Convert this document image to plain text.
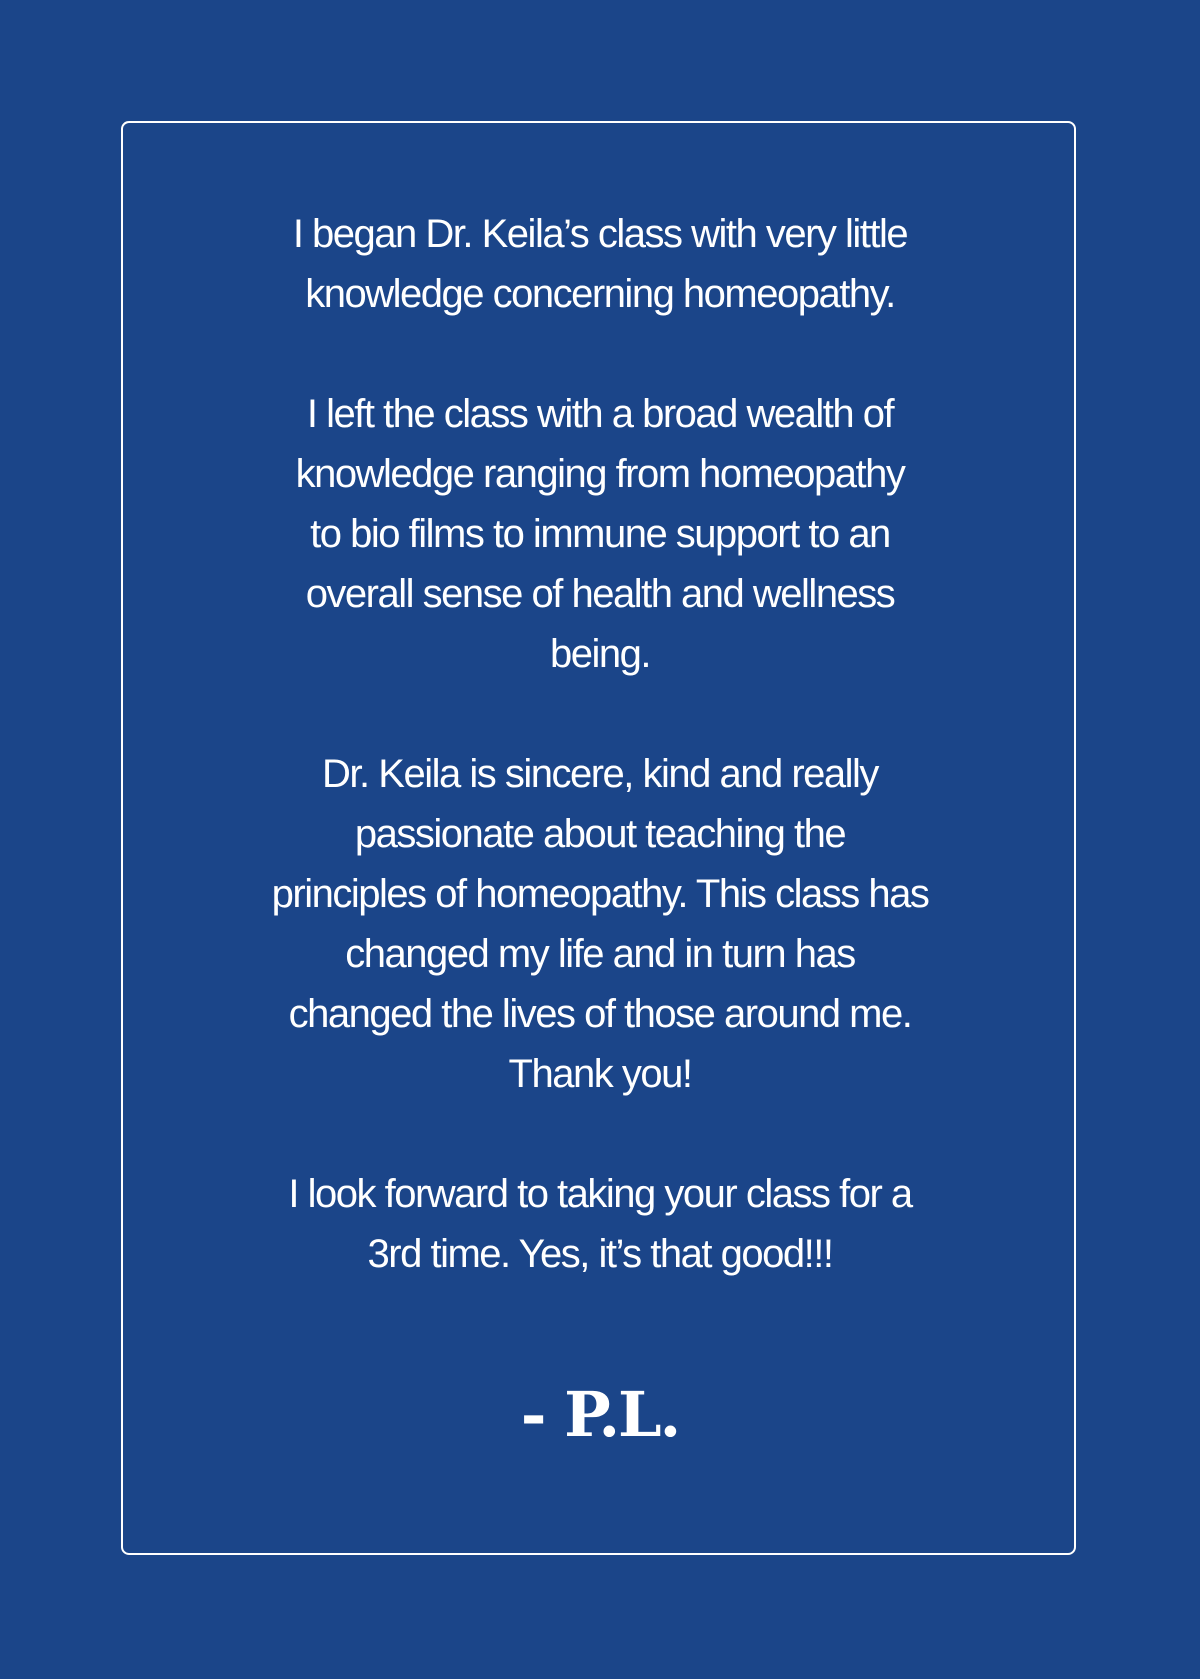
I began Dr. Keila’s class with very little
knowledge concerning homeopathy.

I left the class with a broad wealth of
knowledge ranging from homeopathy
to bio films to immune support to an
overall sense of health and wellness
being.

Dr. Keila is sincere, kind and really
passionate about teaching the
principles of homeopathy. This class has
changed my life and in turn has
changed the lives of those around me.
Thank you!

I look forward to taking your class for a
3rd time. Yes, it’s that good!!!

- P.L.
